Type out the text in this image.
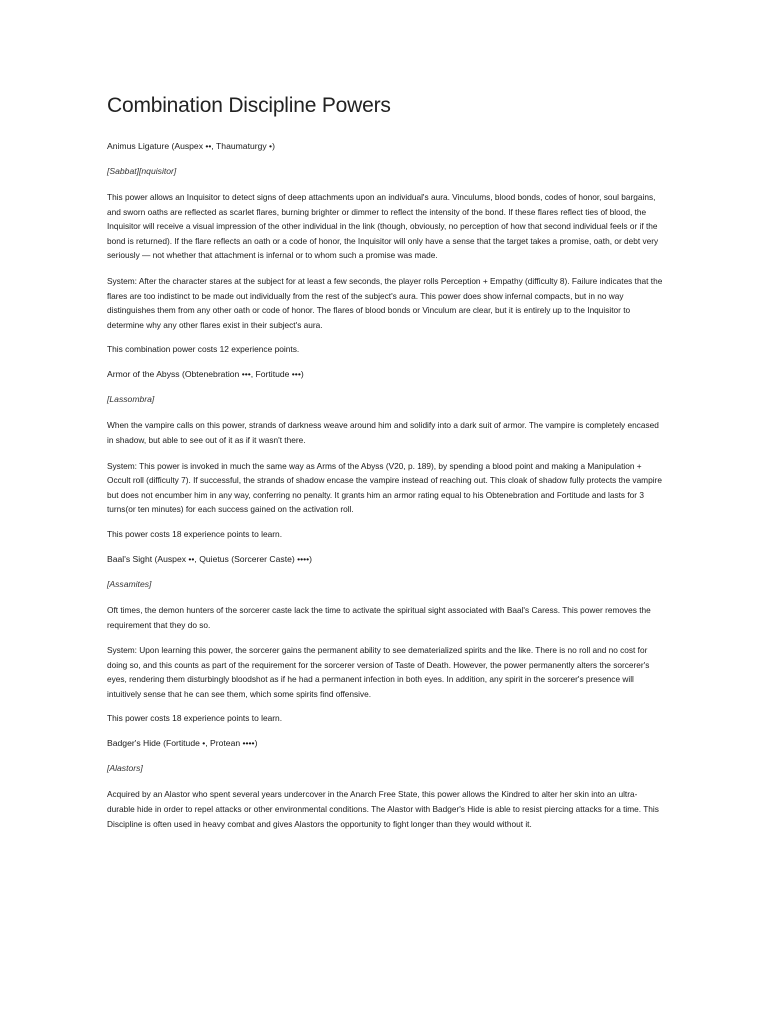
Combination Discipline Powers

Animus Ligature (Auspex ••, Thaumaturgy •)

[Sabbat][nquisitor]

This power allows an Inquisitor to detect signs of deep attachments upon an individual's aura. Vinculums, blood bonds, codes of honor, soul bargains, and sworn oaths are reflected as scarlet flares, burning brighter or dimmer to reflect the intensity of the bond. If these flares reflect ties of blood, the Inquisitor will receive a visual impression of the other individual in the link (though, obviously, no perception of how that second individual feels or if the bond is returned). If the flare reflects an oath or a code of honor, the Inquisitor will only have a sense that the target takes a promise, oath, or debt very seriously — not whether that attachment is infernal or to whom such a promise was made.

System: After the character stares at the subject for at least a few seconds, the player rolls Perception + Empathy (difficulty 8). Failure indicates that the flares are too indistinct to be made out individually from the rest of the subject's aura. This power does show infernal compacts, but in no way distinguishes them from any other oath or code of honor. The flares of blood bonds or Vinculum are clear, but it is entirely up to the Inquisitor to determine why any other flares exist in their subject's aura.

This combination power costs 12 experience points.

Armor of the Abyss (Obtenebration •••, Fortitude •••)

[Lassombra]

When the vampire calls on this power, strands of darkness weave around him and solidify into a dark suit of armor. The vampire is completely encased in shadow, but able to see out of it as if it wasn't there.

System: This power is invoked in much the same way as Arms of the Abyss (V20, p. 189), by spending a blood point and making a Manipulation + Occult roll (difficulty 7). If successful, the strands of shadow encase the vampire instead of reaching out. This cloak of shadow fully protects the vampire but does not encumber him in any way, conferring no penalty. It grants him an armor rating equal to his Obtenebration and Fortitude and lasts for 3 turns(or ten minutes) for each success gained on the activation roll.

This power costs 18 experience points to learn.

Baal's Sight (Auspex ••, Quietus (Sorcerer Caste) ••••)

[Assamites]

Oft times, the demon hunters of the sorcerer caste lack the time to activate the spiritual sight associated with Baal's Caress. This power removes the requirement that they do so.

System: Upon learning this power, the sorcerer gains the permanent ability to see dematerialized spirits and the like. There is no roll and no cost for doing so, and this counts as part of the requirement for the sorcerer version of Taste of Death. However, the power permanently alters the sorcerer's eyes, rendering them disturbingly bloodshot as if he had a permanent infection in both eyes. In addition, any spirit in the sorcerer's presence will intuitively sense that he can see them, which some spirits find offensive.

This power costs 18 experience points to learn.

Badger's Hide (Fortitude •, Protean ••••)

[Alastors]

Acquired by an Alastor who spent several years undercover in the Anarch Free State, this power allows the Kindred to alter her skin into an ultra-durable hide in order to repel attacks or other environmental conditions. The Alastor with Badger's Hide is able to resist piercing attacks for a time. This Discipline is often used in heavy combat and gives Alastors the opportunity to fight longer than they would without it.
